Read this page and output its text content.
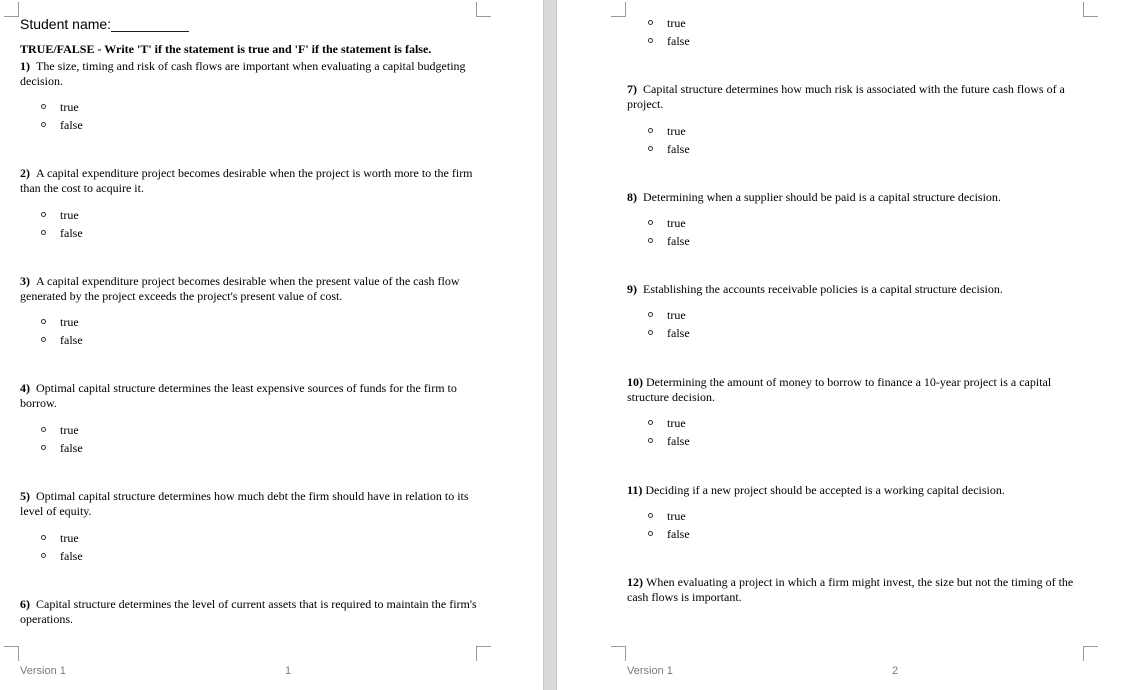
Student name:__________
TRUE/FALSE - Write 'T' if the statement is true and 'F' if the statement is false.
1) The size, timing and risk of cash flows are important when evaluating a capital budgeting decision.
true
false
2) A capital expenditure project becomes desirable when the project is worth more to the firm than the cost to acquire it.
true
false
3) A capital expenditure project becomes desirable when the present value of the cash flow generated by the project exceeds the project's present value of cost.
true
false
4) Optimal capital structure determines the least expensive sources of funds for the firm to borrow.
true
false
5) Optimal capital structure determines how much debt the firm should have in relation to its level of equity.
true
false
6) Capital structure determines the level of current assets that is required to maintain the firm's operations.
Version 1	1
true
false
7) Capital structure determines how much risk is associated with the future cash flows of a project.
true
false
8) Determining when a supplier should be paid is a capital structure decision.
true
false
9) Establishing the accounts receivable policies is a capital structure decision.
true
false
10) Determining the amount of money to borrow to finance a 10-year project is a capital structure decision.
true
false
11) Deciding if a new project should be accepted is a working capital decision.
true
false
12) When evaluating a project in which a firm might invest, the size but not the timing of the cash flows is important.
Version 1	2
